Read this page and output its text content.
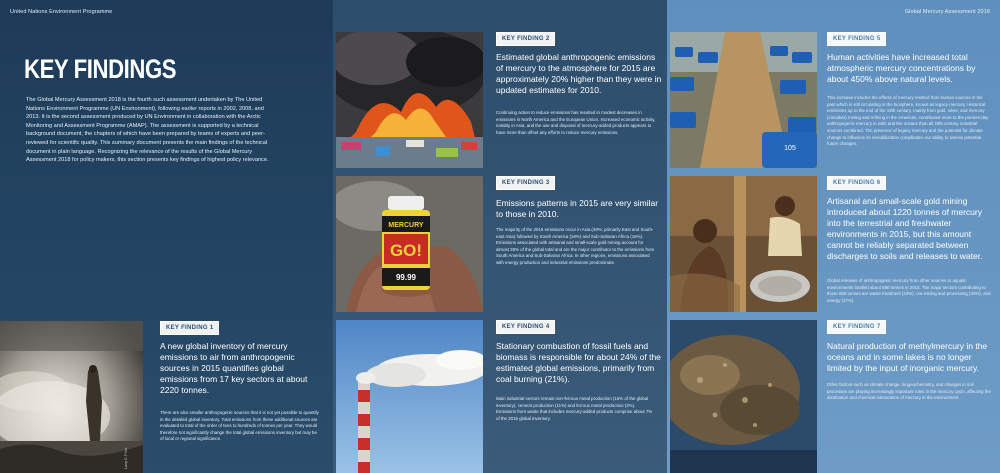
United Nations Environment Programme
KEY FINDINGS

The Global Mercury Assessment 2018 is the fourth such assessment undertaken by The United Nations Environment Programme (UN Environment), following earlier reports in 2002, 2008, and 2013. It is the second assessment produced by UN Environment in collaboration with the Arctic Monitoring and Assessment Programme (AMAP). The assessment is supported by a technical background document, the chapters of which have been prepared by teams of experts and peer-reviewed for scientific quality. This summary document presents the main findings of the technical document in plain language. Recognizing the relevance of the results of the Global Mercury Assessment 2018 for policy makers, this section presents key findings of highest policy relevance.

Larry C. Price
KEY FINDING 1
A new global inventory of mercury emissions to air from anthropogenic sources in 2015 quantifies global emissions from 17 key sectors at about 2220 tonnes.
There are also smaller anthropogenic sources that it is not yet possible to quantify in the detailed global inventory. Total emissions from these additional sources are evaluated to total of the order of tens to hundreds of tonnes per year. They would therefore not significantly change the total global emissions inventory but may be of local or regional significance.
KEY FINDING 2
Estimated global anthropogenic emissions of mercury to the atmosphere for 2015 are approximately 20% higher than they were in updated estimates for 2010.
Continuing action to reduce emissions has resulted in modest decreases in emissions in North America and the European Union. Increased economic activity, notably in Asia, and the use and disposal of mercury-added products appears to have more than offset any efforts to reduce mercury emissions.
MERCURY
GO!
99.99
KEY FINDING 3
Emissions patterns in 2015 are very similar to those in 2010.
The majority of the 2015 emissions occur in Asia (49%; primarily East and South-east Asia) followed by South America (18%) and Sub-Saharan Africa (16%). Emissions associated with artisanal and small-scale gold mining account for almost 38% of the global total and are the major contributor to the emissions from South America and Sub-Saharan Africa. In other regions, emissions associated with energy production and industrial emissions predominate.
KEY FINDING 4
Stationary combustion of fossil fuels and biomass is responsible for about 24% of the estimated global emissions, primarily from coal burning (21%).
Main industrial sectors remain non-ferrous metal production (15% of the global inventory), cement production (11%) and ferrous metal production (2%). Emissions from waste that includes mercury-added products comprise about 7% of the 2015 global inventory.
Global Mercury Assessment 2018
105
KEY FINDING 5
Human activities have increased total atmospheric mercury concentrations by about 450% above natural levels.
This increase includes the effects of mercury emitted from human sources in the past which is still circulating in the biosphere, known as legacy mercury. Historical emissions up to the end of the 19th century, mainly from gold, silver, and mercury (cinnabar) mining and refining in the Americas, contributed more to the present-day anthropogenic mercury in soils and the oceans than all 20th century industrial sources combined. The presence of legacy mercury and the potential for climate change to influence its remobilization complicates our ability to assess potential future changes.
KEY FINDING 6
Artisanal and small-scale gold mining introduced about 1220 tonnes of mercury into the terrestrial and freshwater environments in 2015, but this amount cannot be reliably separated between discharges to soils and releases to water.
Global releases of anthropogenic mercury from other sources to aquatic environments totalled about 580 tonnes in 2015. The major sectors contributing to those 580 tonnes are waste treatment (43%), ore-mining and processing (40%), and energy (17%).
KEY FINDING 7
Natural production of methylmercury in the oceans and in some lakes is no longer limited by the input of inorganic mercury.
Other factors such as climate change, biogeochemistry, and changes in soil processes are playing increasingly important roles in the mercury cycle, affecting the distribution and chemical interactions of mercury in the environment.
